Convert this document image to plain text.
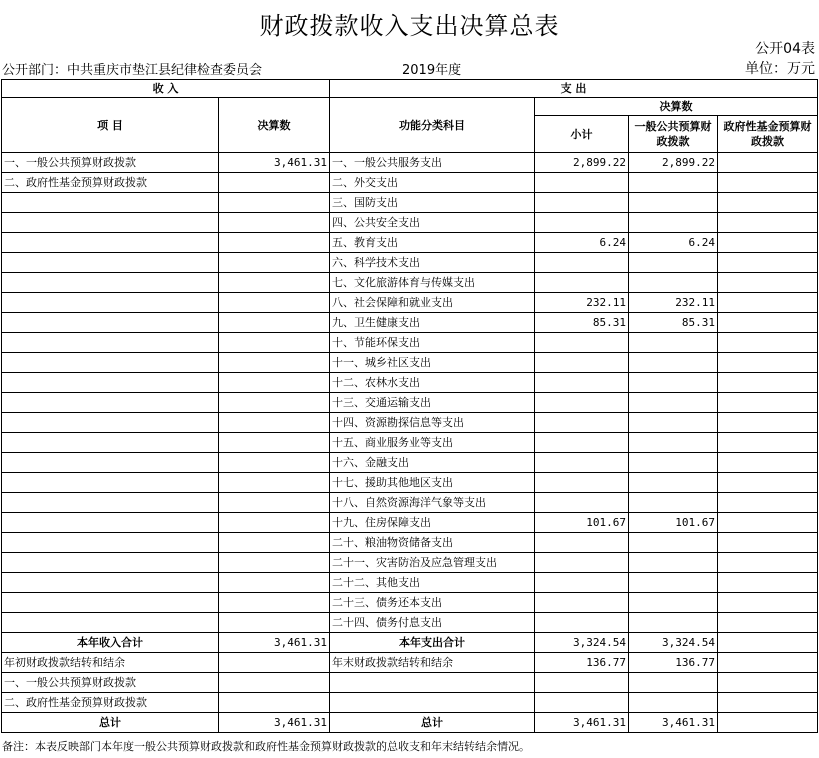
财政拨款收入支出决算总表
公开04表
公开部门：中共重庆市垫江县纪律检查委员会	2019年度	单位：万元
收 入		支 出			
项 目	决算数	功能分类科目	决算数		
			小计	一般公共预算财政拨款	政府性基金预算财政拨款
一、一般公共预算财政拨款	3,461.31	一、一般公共服务支出	2,899.22	2,899.22	
二、政府性基金预算财政拨款		二、外交支出			
		三、国防支出			
		四、公共安全支出			
		五、教育支出	6.24	6.24	
		六、科学技术支出			
		七、文化旅游体育与传媒支出			
		八、社会保障和就业支出	232.11	232.11	
		九、卫生健康支出	85.31	85.31	
		十、节能环保支出			
		十一、城乡社区支出			
		十二、农林水支出			
		十三、交通运输支出			
		十四、资源勘探信息等支出			
		十五、商业服务业等支出			
		十六、金融支出			
		十七、援助其他地区支出			
		十八、自然资源海洋气象等支出			
		十九、住房保障支出	101.67	101.67	
		二十、粮油物资储备支出			
		二十一、灾害防治及应急管理支出			
		二十二、其他支出			
		二十三、债务还本支出			
		二十四、债务付息支出			
本年收入合计	3,461.31	本年支出合计	3,324.54	3,324.54	
年初财政拨款结转和结余		年末财政拨款结转和结余	136.77	136.77	
一、一般公共预算财政拨款					
二、政府性基金预算财政拨款					
总计	3,461.31	总计	3,461.31	3,461.31	
备注：本表反映部门本年度一般公共预算财政拨款和政府性基金预算财政拨款的总收支和年末结转结余情况。
